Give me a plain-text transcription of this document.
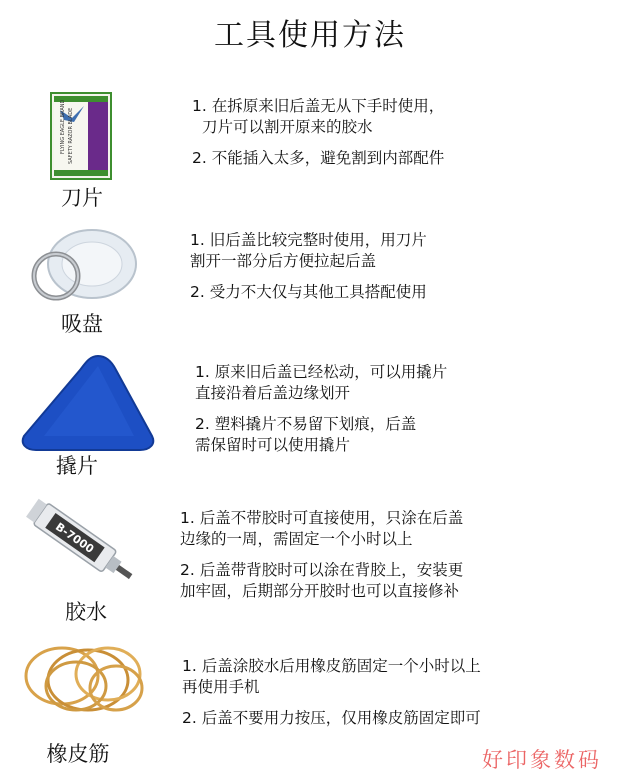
工具使用方法
FLYING EAGLE BRAND SAFETY RAZOR BLADE
刀片

1. 在拆原来旧后盖无从下手时使用，

刀片可以割开原来的胶水

2. 不能插入太多，避免割到内部配件

吸盘

1. 旧后盖比较完整时使用，用刀片

割开一部分后方便拉起后盖

2. 受力不大仅与其他工具搭配使用

撬片

1. 原来旧后盖已经松动，可以用撬片

直接沿着后盖边缘划开

2. 塑料撬片不易留下划痕，后盖

需保留时可以使用撬片

B-7000
胶水

1. 后盖不带胶时可直接使用，只涂在后盖

边缘的一周，需固定一个小时以上

2. 后盖带背胶时可以涂在背胶上，安装更

加牢固，后期部分开胶时也可以直接修补

橡皮筋

1. 后盖涂胶水后用橡皮筋固定一个小时以上

再使用手机

2. 后盖不要用力按压，仅用橡皮筋固定即可

好印象数码
